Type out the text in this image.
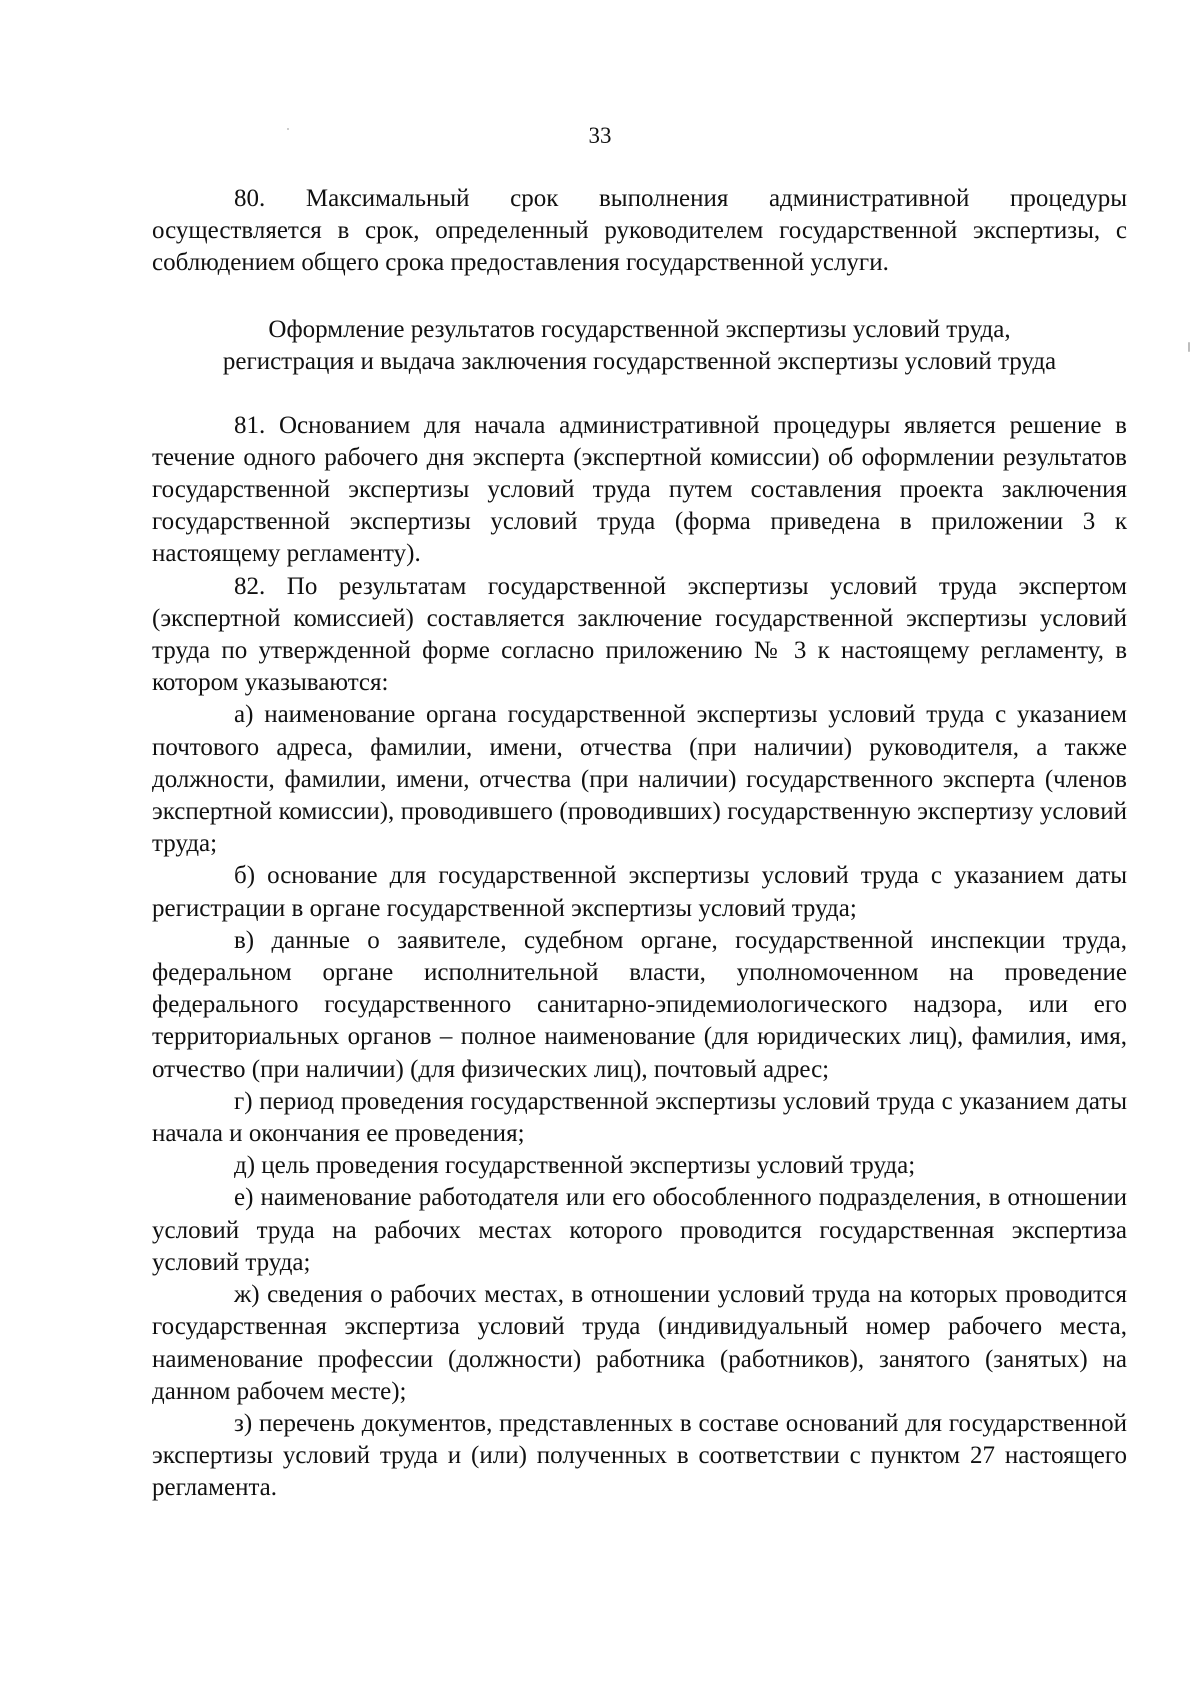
33

80. Максимальный срок выполнения административной процедуры осуществляется в срок, определенный руководителем государственной экспертизы, с соблюдением общего срока предоставления государственной услуги.

Оформление результатов государственной экспертизы условий труда,
регистрация и выдача заключения государственной экспертизы условий труда

81. Основанием для начала административной процедуры является решение в течение одного рабочего дня эксперта (экспертной комиссии) об оформлении результатов государственной экспертизы условий труда путем составления проекта заключения государственной экспертизы условий труда (форма приведена в приложении 3 к настоящему регламенту).

82. По результатам государственной экспертизы условий труда экспертом (экспертной комиссией) составляется заключение государственной экспертизы условий труда по утвержденной форме согласно приложению № 3 к настоящему регламенту, в котором указываются:

а) наименование органа государственной экспертизы условий труда с указанием почтового адреса, фамилии, имени, отчества (при наличии) руководителя, а также должности, фамилии, имени, отчества (при наличии) государственного эксперта (членов экспертной комиссии), проводившего (проводивших) государственную экспертизу условий труда;

б) основание для государственной экспертизы условий труда с указанием даты регистрации в органе государственной экспертизы условий труда;

в) данные о заявителе, судебном органе, государственной инспекции труда, федеральном органе исполнительной власти, уполномоченном на проведение федерального государственного санитарно-эпидемиологического надзора, или его территориальных органов – полное наименование (для юридических лиц), фамилия, имя, отчество (при наличии) (для физических лиц), почтовый адрес;

г) период проведения государственной экспертизы условий труда с указанием даты начала и окончания ее проведения;

д) цель проведения государственной экспертизы условий труда;

е) наименование работодателя или его обособленного подразделения, в отношении условий труда на рабочих местах которого проводится государственная экспертиза условий труда;

ж) сведения о рабочих местах, в отношении условий труда на которых проводится государственная экспертиза условий труда (индивидуальный номер рабочего места, наименование профессии (должности) работника (работников), занятого (занятых) на данном рабочем месте);

з) перечень документов, представленных в составе оснований для государственной экспертизы условий труда и (или) полученных в соответствии с пунктом 27 настоящего регламента.
